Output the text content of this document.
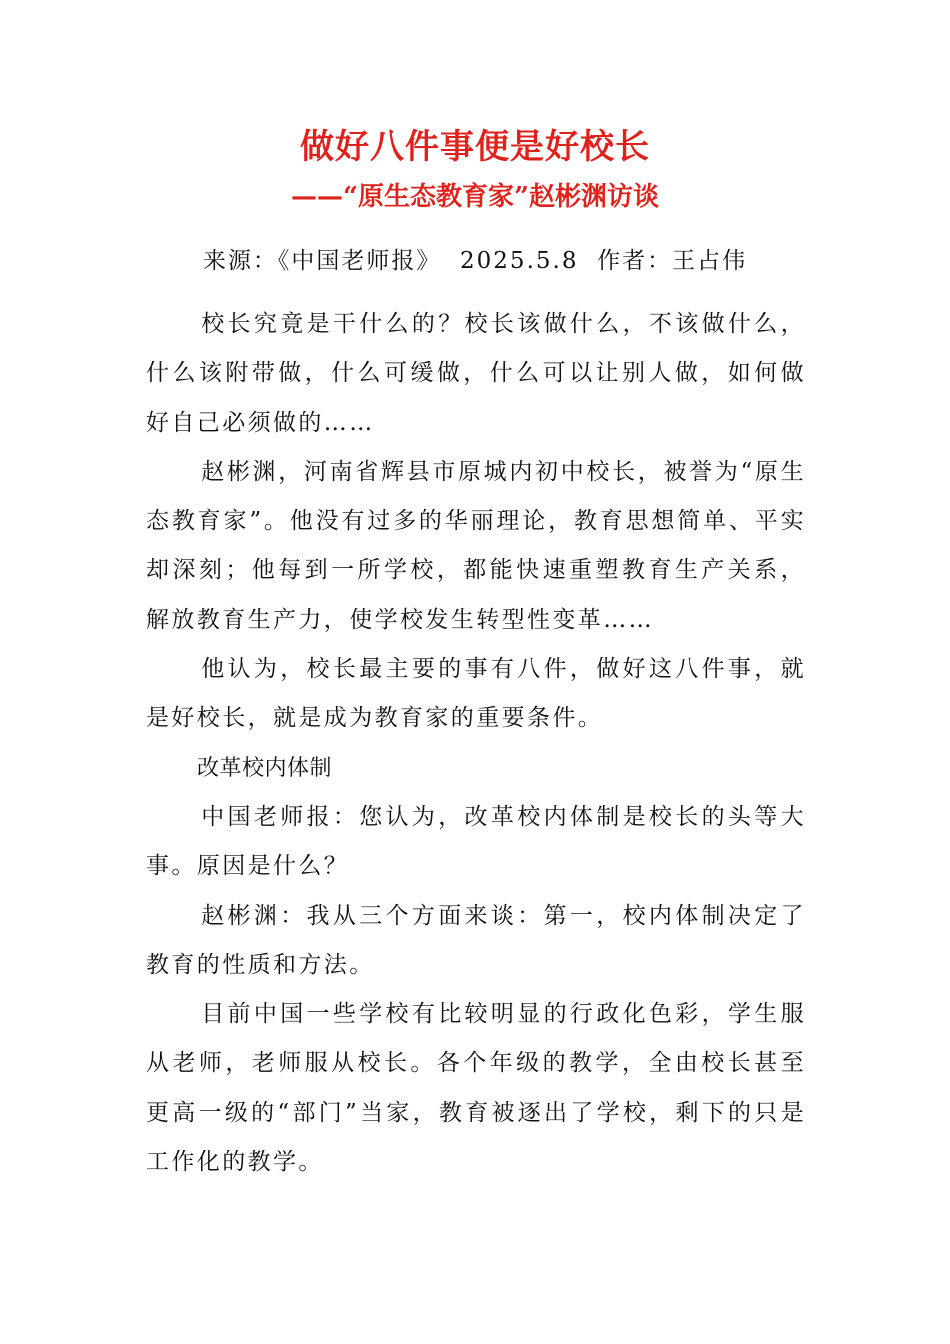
做好八件事便是好校长
——“原生态教育家”赵彬渊访谈
来源：《中国老师报》 2025.5.8 作者：王占伟

校长究竟是干什么的？校长该做什么，不该做什么，什么该附带做，什么可缓做，什么可以让别人做，如何做好自己必须做的……

赵彬渊，河南省辉县市原城内初中校长，被誉为“原生态教育家”。他没有过多的华丽理论，教育思想简单、平实却深刻；他每到一所学校，都能快速重塑教育生产关系，解放教育生产力，使学校发生转型性变革……

他认为，校长最主要的事有八件，做好这八件事，就是好校长，就是成为教育家的重要条件。

改革校内体制

中国老师报：您认为，改革校内体制是校长的头等大事。原因是什么？

赵彬渊：我从三个方面来谈：第一，校内体制决定了教育的性质和方法。

目前中国一些学校有比较明显的行政化色彩，学生服从老师，老师服从校长。各个年级的教学，全由校长甚至更高一级的“部门”当家，教育被逐出了学校，剩下的只是工作化的教学。
